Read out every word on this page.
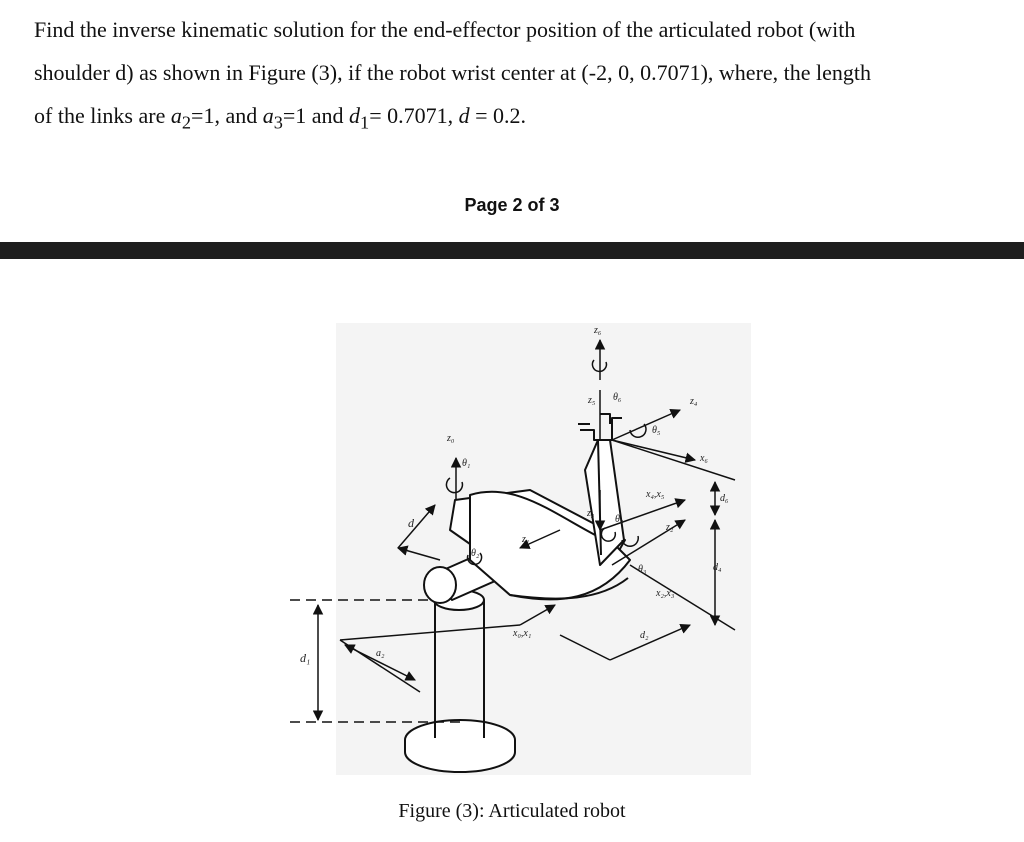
Find the inverse kinematic solution for the end-effector position of the articulated robot (with

shoulder d) as shown in Figure (3), if the robot wrist center at (-2, 0, 0.7071), where, the length

of the links are $a_2=1$, and $a_3=1$ and $d_1= 0.7071$, d = 0.2.

Page 2 of 3
z₀
θ₁
d
θ₂
z₁
x₀,x₁
d₁	a₂
z₆
z₅ θ₆	z₄
θ₅
x₆
d₆
x₄,x₅
z₃
θ₄
z₂
θ₃	d₄
x₂,x₃
d₂
Figure (3): Articulated robot
